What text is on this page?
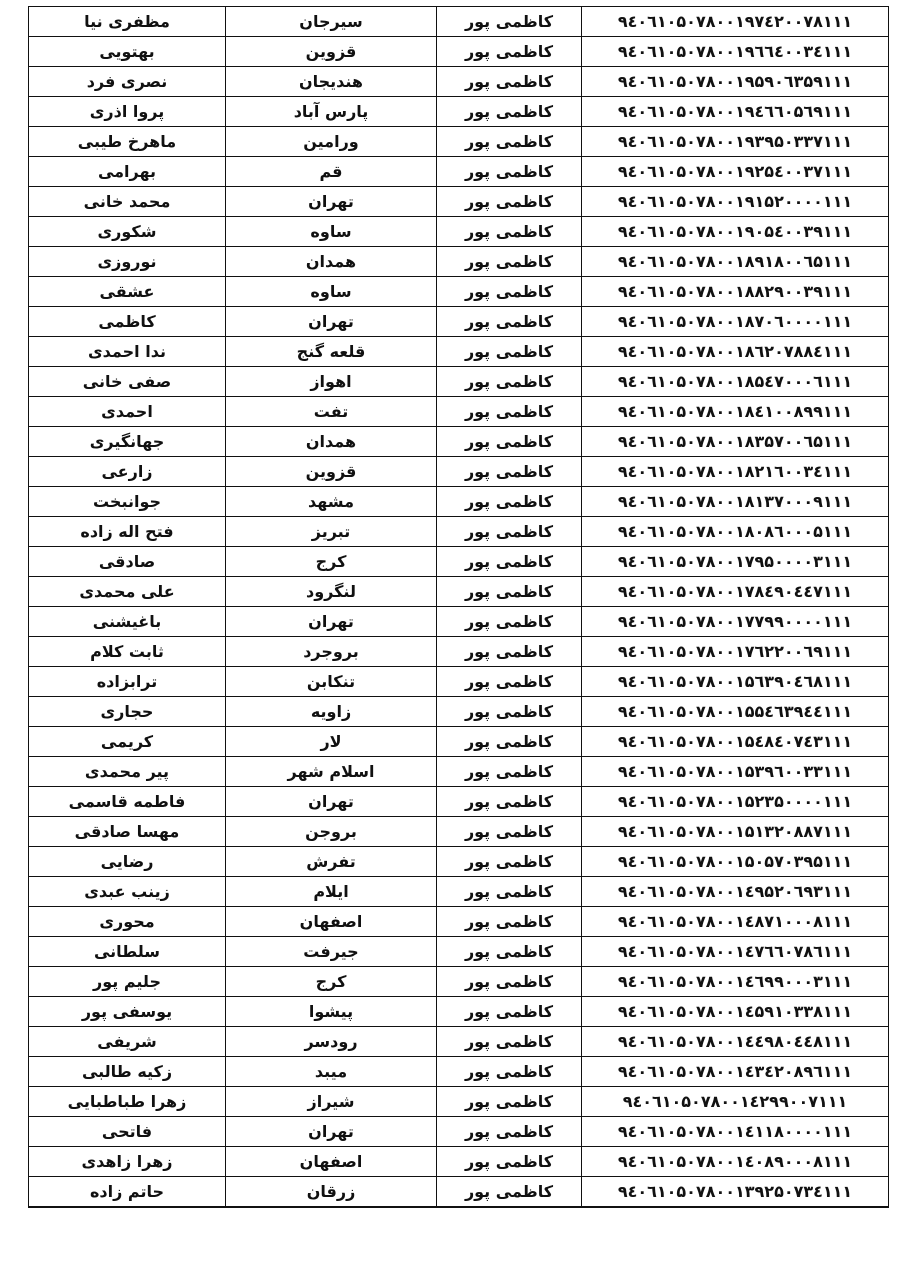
مظفری نیا	سیرجان	کاظمی پور	۹٤۰٦۱۰۵۰۷۸۰۰۱۹۷٤۲۰۰۷۸۱۱۱
بهتویی	قزوین	کاظمی پور	۹٤۰٦۱۰۵۰۷۸۰۰۱۹٦٦٤۰۰۳٤۱۱۱
نصری فرد	هندیجان	کاظمی پور	۹٤۰٦۱۰۵۰۷۸۰۰۱۹۵۹۰٦۳۵۹۱۱۱
پروا اذری	پارس آباد	کاظمی پور	۹٤۰٦۱۰۵۰۷۸۰۰۱۹٤٦٦۰۵٦۹۱۱۱
ماهرخ طیبی	ورامین	کاظمی پور	۹٤۰٦۱۰۵۰۷۸۰۰۱۹۳۹۵۰۳۳۷۱۱۱
بهرامی	قم	کاظمی پور	۹٤۰٦۱۰۵۰۷۸۰۰۱۹۲۵٤۰۰۳۷۱۱۱
محمد خانی	تهران	کاظمی پور	۹٤۰٦۱۰۵۰۷۸۰۰۱۹۱۵۲۰۰۰۰۱۱۱
شکوری	ساوه	کاظمی پور	۹٤۰٦۱۰۵۰۷۸۰۰۱۹۰۵٤۰۰۳۹۱۱۱
نوروزی	همدان	کاظمی پور	۹٤۰٦۱۰۵۰۷۸۰۰۱۸۹۱۸۰۰٦۵۱۱۱
عشقی	ساوه	کاظمی پور	۹٤۰٦۱۰۵۰۷۸۰۰۱۸۸۲۹۰۰۳۹۱۱۱
کاظمی	تهران	کاظمی پور	۹٤۰٦۱۰۵۰۷۸۰۰۱۸۷۰٦۰۰۰۰۱۱۱
ندا احمدی	قلعه گنج	کاظمی پور	۹٤۰٦۱۰۵۰۷۸۰۰۱۸٦۲۰۷۸۸٤۱۱۱
صفی خانی	اهواز	کاظمی پور	۹٤۰٦۱۰۵۰۷۸۰۰۱۸۵٤۷۰۰۰٦۱۱۱
احمدی	تفت	کاظمی پور	۹٤۰٦۱۰۵۰۷۸۰۰۱۸٤۱۰۰۸۹۹۱۱۱
جهانگیری	همدان	کاظمی پور	۹٤۰٦۱۰۵۰۷۸۰۰۱۸۳۵۷۰۰٦۵۱۱۱
زارعی	قزوین	کاظمی پور	۹٤۰٦۱۰۵۰۷۸۰۰۱۸۲۱٦۰۰۳٤۱۱۱
جوانبخت	مشهد	کاظمی پور	۹٤۰٦۱۰۵۰۷۸۰۰۱۸۱۳۷۰۰۰۹۱۱۱
فتح اله زاده	تبریز	کاظمی پور	۹٤۰٦۱۰۵۰۷۸۰۰۱۸۰۸٦۰۰۰۵۱۱۱
صادقی	کرج	کاظمی پور	۹٤۰٦۱۰۵۰۷۸۰۰۱۷۹۵۰۰۰۰۳۱۱۱
علی محمدی	لنگرود	کاظمی پور	۹٤۰٦۱۰۵۰۷۸۰۰۱۷۸٤۹۰٤٤۷۱۱۱
باغیشنی	تهران	کاظمی پور	۹٤۰٦۱۰۵۰۷۸۰۰۱۷۷۹۹۰۰۰۰۱۱۱
ثابت کلام	بروجرد	کاظمی پور	۹٤۰٦۱۰۵۰۷۸۰۰۱۷٦۲۲۰۰٦۹۱۱۱
ترابزاده	تنکابن	کاظمی پور	۹٤۰٦۱۰۵۰۷۸۰۰۱۵٦۳۹۰٤٦۸۱۱۱
حجاری	زاویه	کاظمی پور	۹٤۰٦۱۰۵۰۷۸۰۰۱۵۵٤٦۳۹٤٤۱۱۱
کریمی	لار	کاظمی پور	۹٤۰٦۱۰۵۰۷۸۰۰۱۵٤۸٤۰۷٤۳۱۱۱
پیر محمدی	اسلام شهر	کاظمی پور	۹٤۰٦۱۰۵۰۷۸۰۰۱۵۳۹٦۰۰۳۳۱۱۱
فاطمه قاسمی	تهران	کاظمی پور	۹٤۰٦۱۰۵۰۷۸۰۰۱۵۲۳۵۰۰۰۰۱۱۱
مهسا صادقی	بروجن	کاظمی پور	۹٤۰٦۱۰۵۰۷۸۰۰۱۵۱۳۲۰۸۸۷۱۱۱
رضایی	تفرش	کاظمی پور	۹٤۰٦۱۰۵۰۷۸۰۰۱۵۰۵۷۰۳۹۵۱۱۱
زینب عبدی	ایلام	کاظمی پور	۹٤۰٦۱۰۵۰۷۸۰۰۱٤۹۵۲۰٦۹۳۱۱۱
محوری	اصفهان	کاظمی پور	۹٤۰٦۱۰۵۰۷۸۰۰۱٤۸۷۱۰۰۰۸۱۱۱
سلطانی	جیرفت	کاظمی پور	۹٤۰٦۱۰۵۰۷۸۰۰۱٤۷٦٦۰۷۸٦۱۱۱
جلیم پور	کرج	کاظمی پور	۹٤۰٦۱۰۵۰۷۸۰۰۱٤٦۹۹۰۰۰۳۱۱۱
یوسفی پور	پیشوا	کاظمی پور	۹٤۰٦۱۰۵۰۷۸۰۰۱٤۵۹۱۰۳۳۸۱۱۱
شریفی	رودسر	کاظمی پور	۹٤۰٦۱۰۵۰۷۸۰۰۱٤٤۹۸۰٤٤۸۱۱۱
زکیه طالبی	میبد	کاظمی پور	۹٤۰٦۱۰۵۰۷۸۰۰۱٤۳٤۲۰۸۹٦۱۱۱
زهرا طباطبایی	شیراز	کاظمی پور	۹٤۰٦۱۰۵۰۷۸۰۰۱٤۲۹۹۰۰۷۱۱۱
فاتحی	تهران	کاظمی پور	۹٤۰٦۱۰۵۰۷۸۰۰۱٤۱۱۸۰۰۰۰۱۱۱
زهرا زاهدی	اصفهان	کاظمی پور	۹٤۰٦۱۰۵۰۷۸۰۰۱٤۰۸۹۰۰۰۸۱۱۱
حاتم زاده	زرقان	کاظمی پور	۹٤۰٦۱۰۵۰۷۸۰۰۱۳۹۲۵۰۷۳٤۱۱۱
